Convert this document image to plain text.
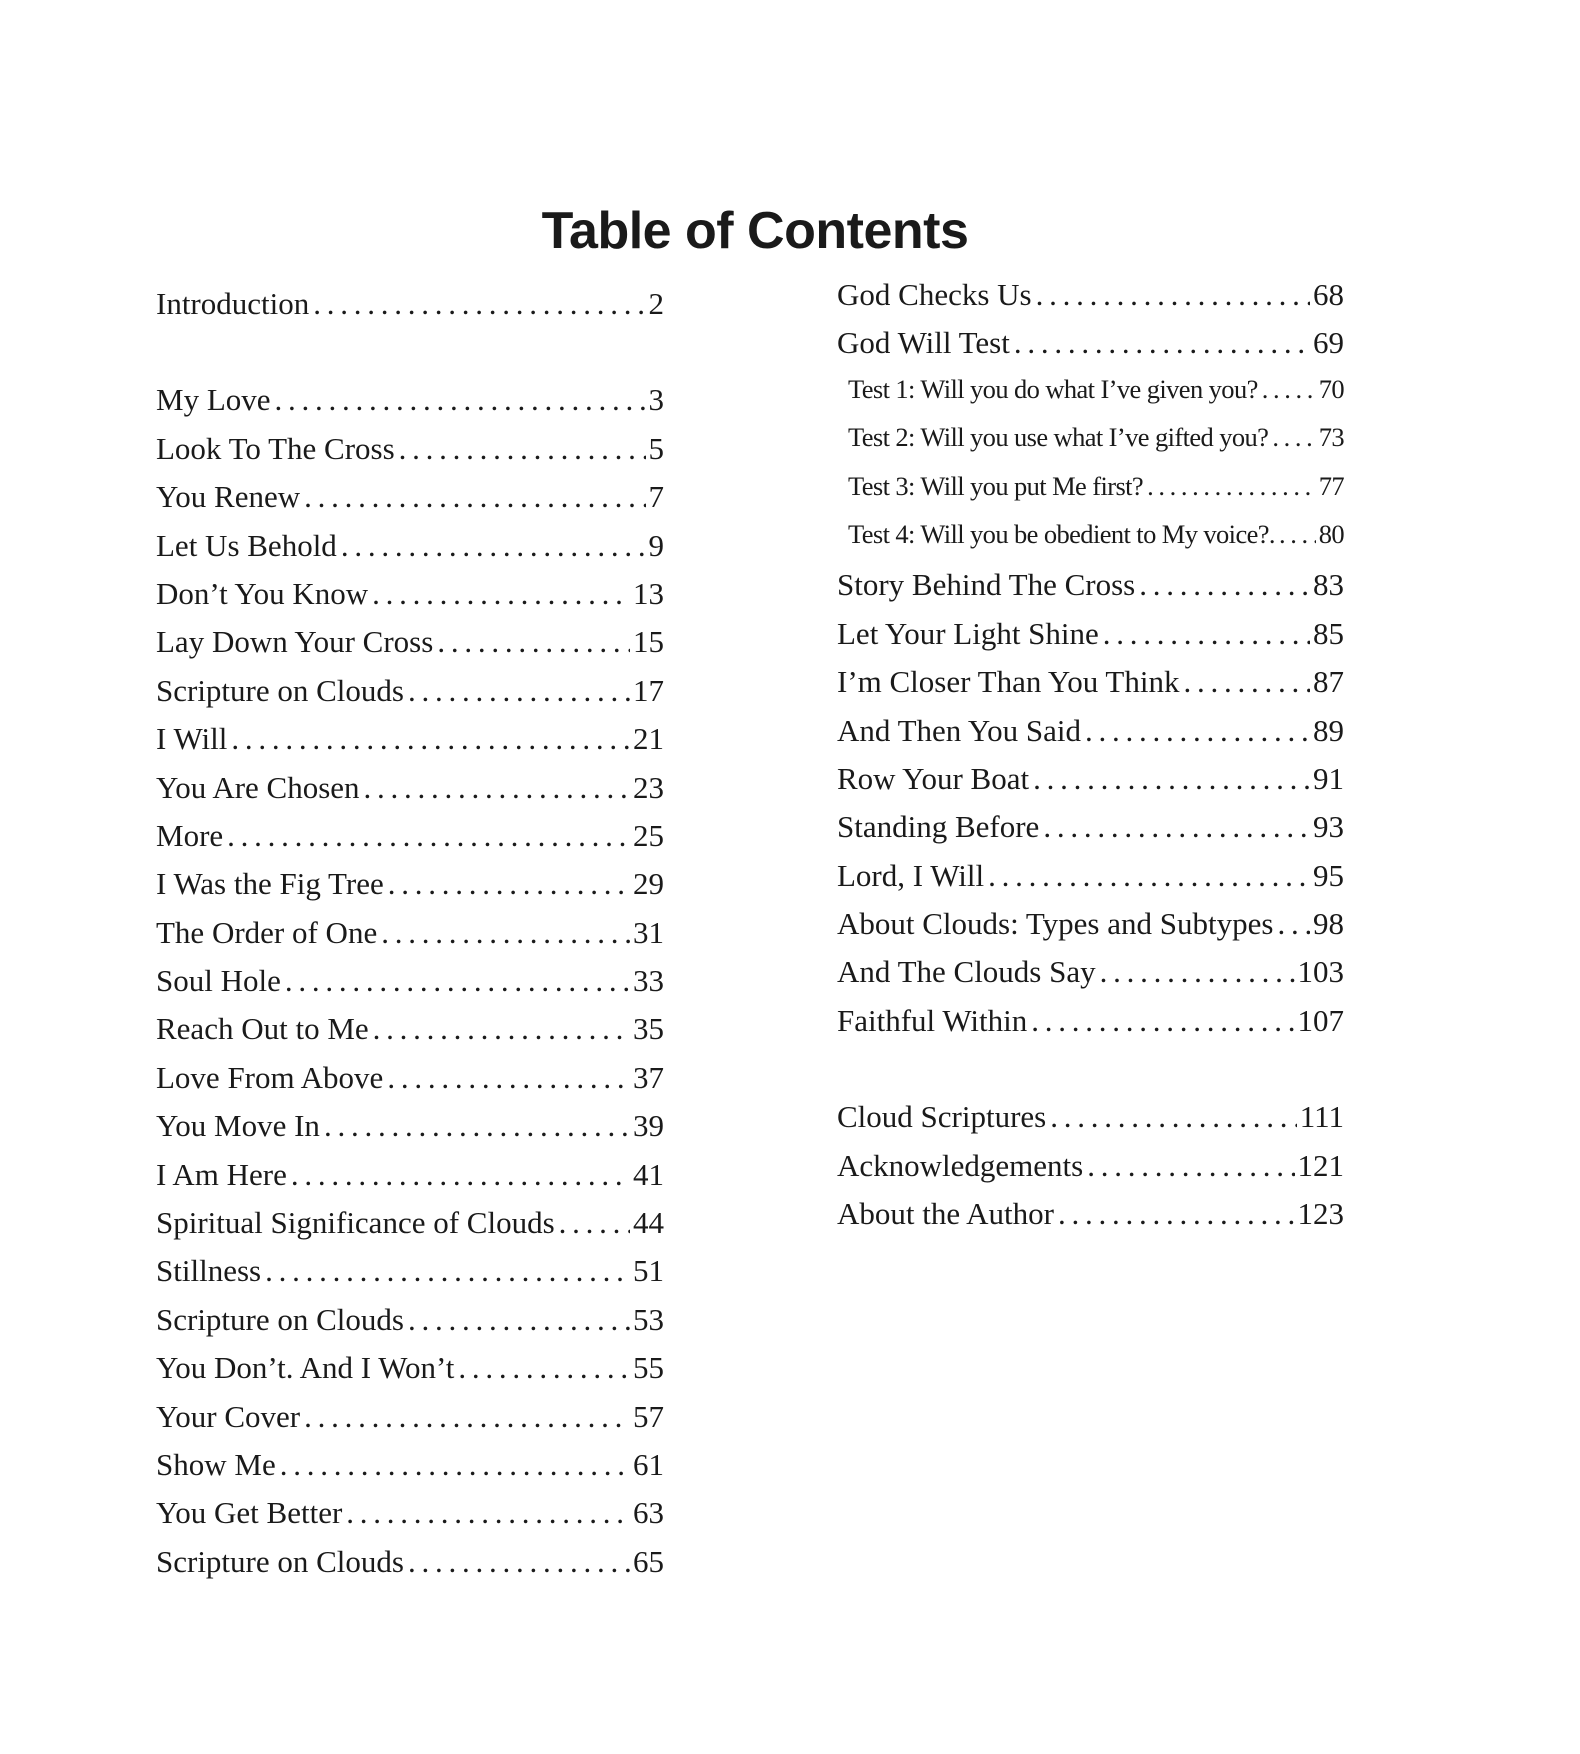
Table of Contents
Introduction . . .	2
My Love . . .	3
Look To The Cross . . .	5
You Renew . . .	7
Let Us Behold . . .	9
Don’t You Know . . .	13
Lay Down Your Cross . . .	15
Scripture on Clouds . . .	17
I Will . . .	21
You Are Chosen . . .	23
More . . .	25
I Was the Fig Tree . . .	29
The Order of One . . .	31
Soul Hole . . .	33
Reach Out to Me . . .	35
Love From Above . . .	37
You Move In . . .	39
I Am Here . . .	41
Spiritual Significance of Clouds . . .	44
Stillness . . .	51
Scripture on Clouds . . .	53
You Don’t. And I Won’t . . .	55
Your Cover . . .	57
Show Me . . .	61
You Get Better . . .	63
Scripture on Clouds . . .	65
God Checks Us . . .	68
God Will Test . . .	69
Test 1: Will you do what I’ve given you? . . . 70
Test 2: Will you use what I’ve gifted you? . . . 73
Test 3: Will you put Me first? . . .	77
Test 4: Will you be obedient to My voice?. . . . 80
Story Behind The Cross . . .	83
Let Your Light Shine . . .	85
I’m Closer Than You Think . . .	87
And Then You Said . . .	89
Row Your Boat . . .	91
Standing Before . . .	93
Lord, I Will . . .	95
About Clouds: Types and Subtypes . . . 98
And The Clouds Say . . .	103
Faithful Within . . .	107
Cloud Scriptures . . .	111
Acknowledgements . . .	121
About the Author . . .	123
